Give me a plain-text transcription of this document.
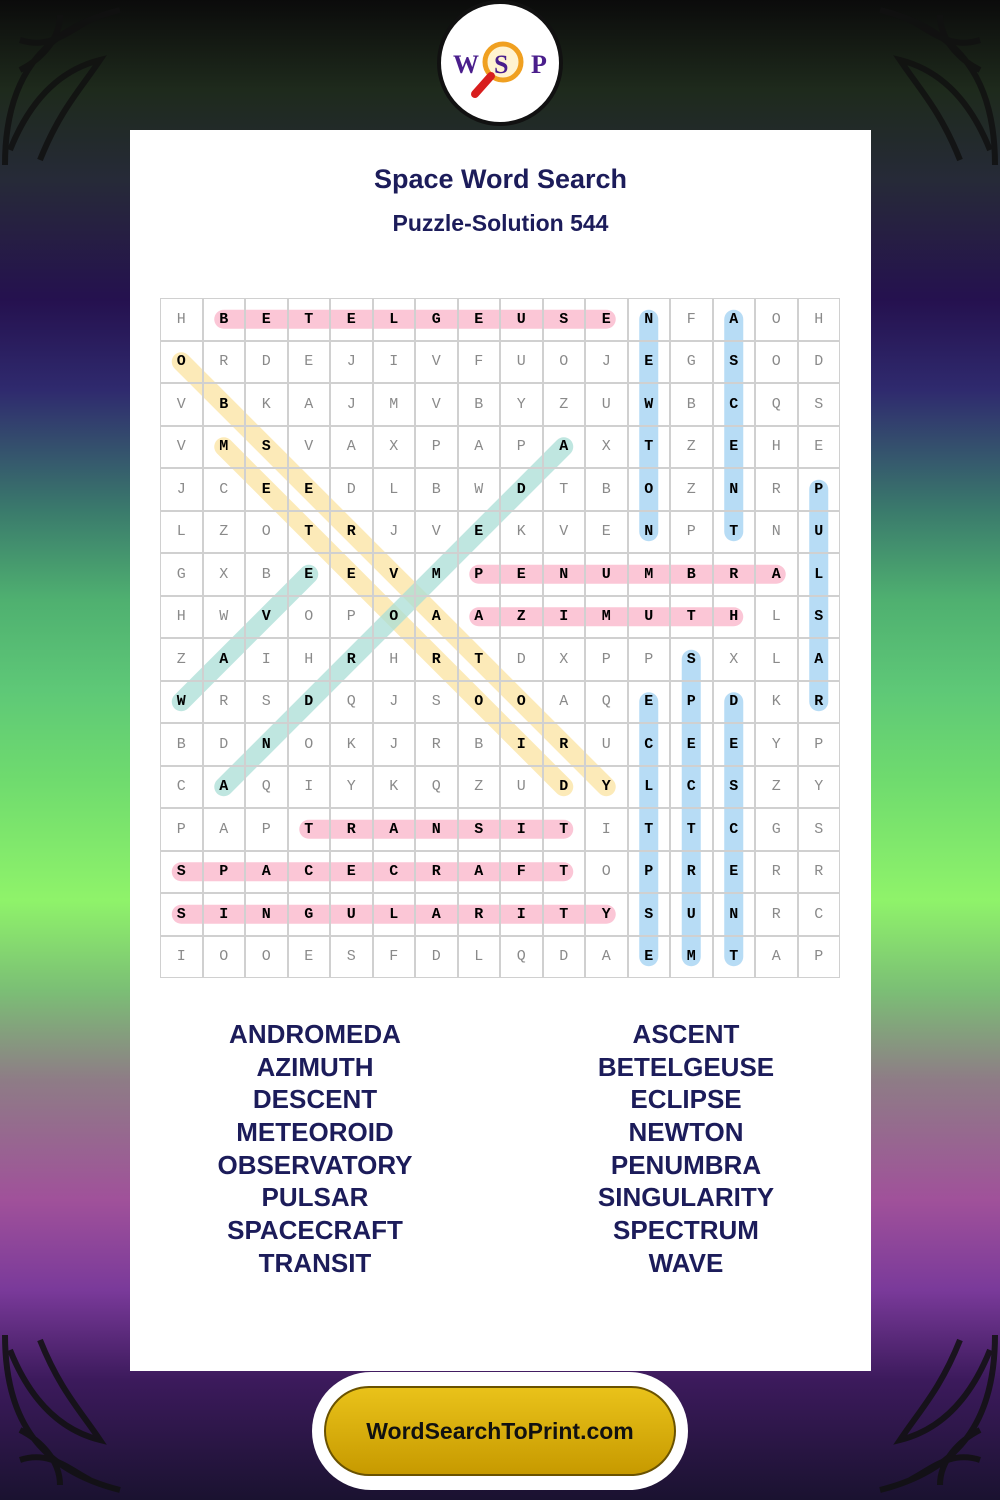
W S P
Space Word Search
Puzzle-Solution 544
H	B	E	T	E	L	G	E	U	S	E	N	F	A	O	H
O	R	D	E	J	I	V	F	U	O	J	E	G	S	O	D
V	B	K	A	J	M	V	B	Y	Z	U	W	B	C	Q	S
V	M	S	V	A	X	P	A	P	A	X	T	Z	E	H	E
J	C	E	E	D	L	B	W	D	T	B	O	Z	N	R	P
L	Z	O	T	R	J	V	E	K	V	E	N	P	T	N	U
G	X	B	E	E	V	M	P	E	N	U	M	B	R	A	L
H	W	V	O	P	O	A	A	Z	I	M	U	T	H	L	S
Z	A	I	H	R	H	R	T	D	X	P	P	S	X	L	A
W	R	S	D	Q	J	S	O	O	A	Q	E	P	D	K	R
B	D	N	O	K	J	R	B	I	R	U	C	E	E	Y	P
C	A	Q	I	Y	K	Q	Z	U	D	Y	L	C	S	Z	Y
P	A	P	T	R	A	N	S	I	T	I	T	T	C	G	S
S	P	A	C	E	C	R	A	F	T	O	P	R	E	R	R
S	I	N	G	U	L	A	R	I	T	Y	S	U	N	R	C
I	O	O	E	S	F	D	L	Q	D	A	E	M	T	A	P
ANDROMEDA
AZIMUTH
DESCENT
METEOROID
OBSERVATORY
PULSAR
SPACECRAFT
TRANSIT
ASCENT
BETELGEUSE
ECLIPSE
NEWTON
PENUMBRA
SINGULARITY
SPECTRUM
WAVE
WordSearchToPrint.com
